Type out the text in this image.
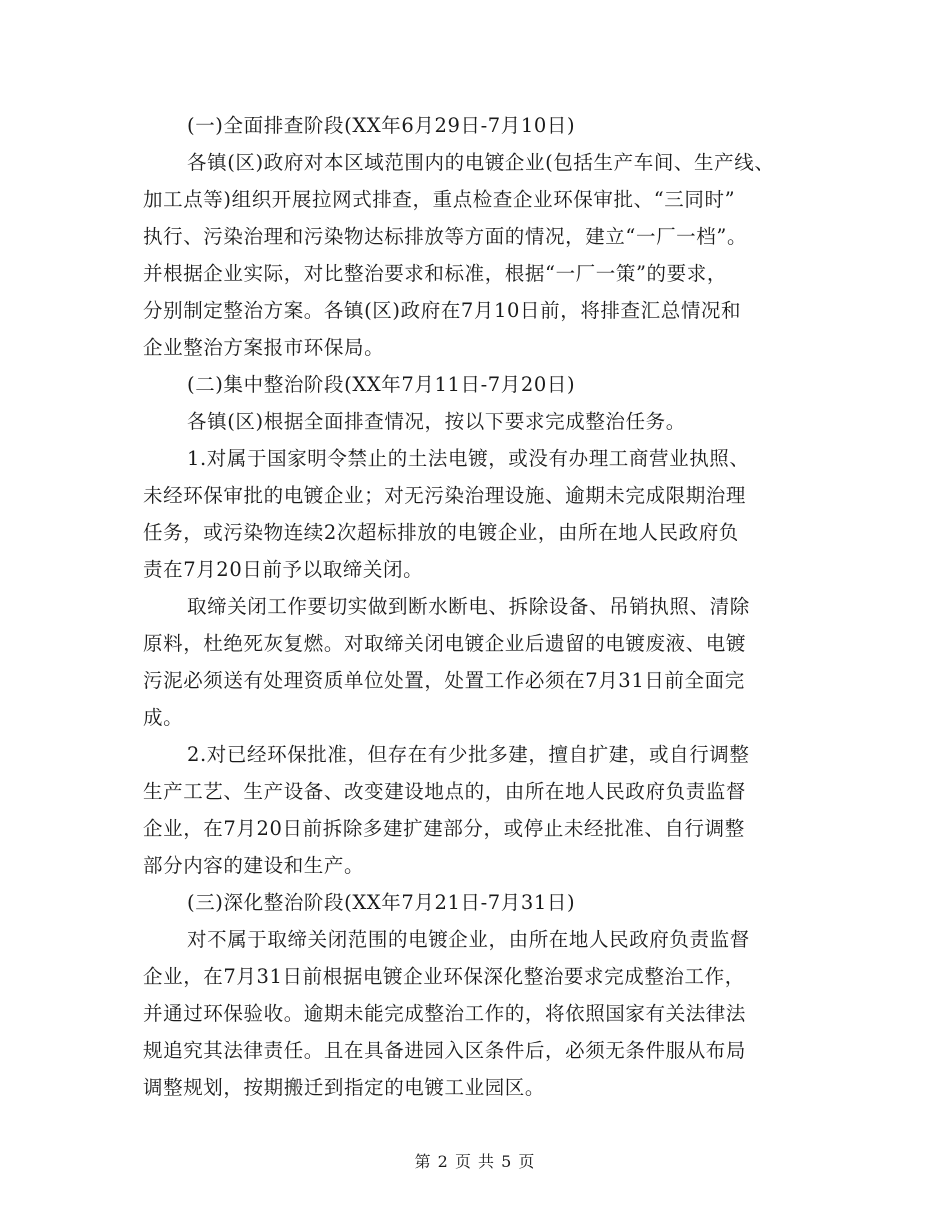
(一)全面排查阶段(XX年6月29日-7月10日)
各镇(区)政府对本区域范围内的电镀企业(包括生产车间、生产线、
加工点等)组织开展拉网式排查，重点检查企业环保审批、“三同时”
执行、污染治理和污染物达标排放等方面的情况，建立“一厂一档”。
并根据企业实际，对比整治要求和标准，根据“一厂一策”的要求，
分别制定整治方案。各镇(区)政府在7月10日前，将排查汇总情况和
企业整治方案报市环保局。
(二)集中整治阶段(XX年7月11日-7月20日)
各镇(区)根据全面排查情况，按以下要求完成整治任务。
1.对属于国家明令禁止的土法电镀，或没有办理工商营业执照、
未经环保审批的电镀企业；对无污染治理设施、逾期未完成限期治理
任务，或污染物连续2次超标排放的电镀企业，由所在地人民政府负
责在7月20日前予以取缔关闭。
取缔关闭工作要切实做到断水断电、拆除设备、吊销执照、清除
原料，杜绝死灰复燃。对取缔关闭电镀企业后遗留的电镀废液、电镀
污泥必须送有处理资质单位处置，处置工作必须在7月31日前全面完
成。
2.对已经环保批准，但存在有少批多建，擅自扩建，或自行调整
生产工艺、生产设备、改变建设地点的，由所在地人民政府负责监督
企业，在7月20日前拆除多建扩建部分，或停止未经批准、自行调整
部分内容的建设和生产。
(三)深化整治阶段(XX年7月21日-7月31日)
对不属于取缔关闭范围的电镀企业，由所在地人民政府负责监督
企业，在7月31日前根据电镀企业环保深化整治要求完成整治工作，
并通过环保验收。逾期未能完成整治工作的，将依照国家有关法律法
规追究其法律责任。且在具备进园入区条件后，必须无条件服从布局
调整规划，按期搬迁到指定的电镀工业园区。
第 2 页 共 5 页
